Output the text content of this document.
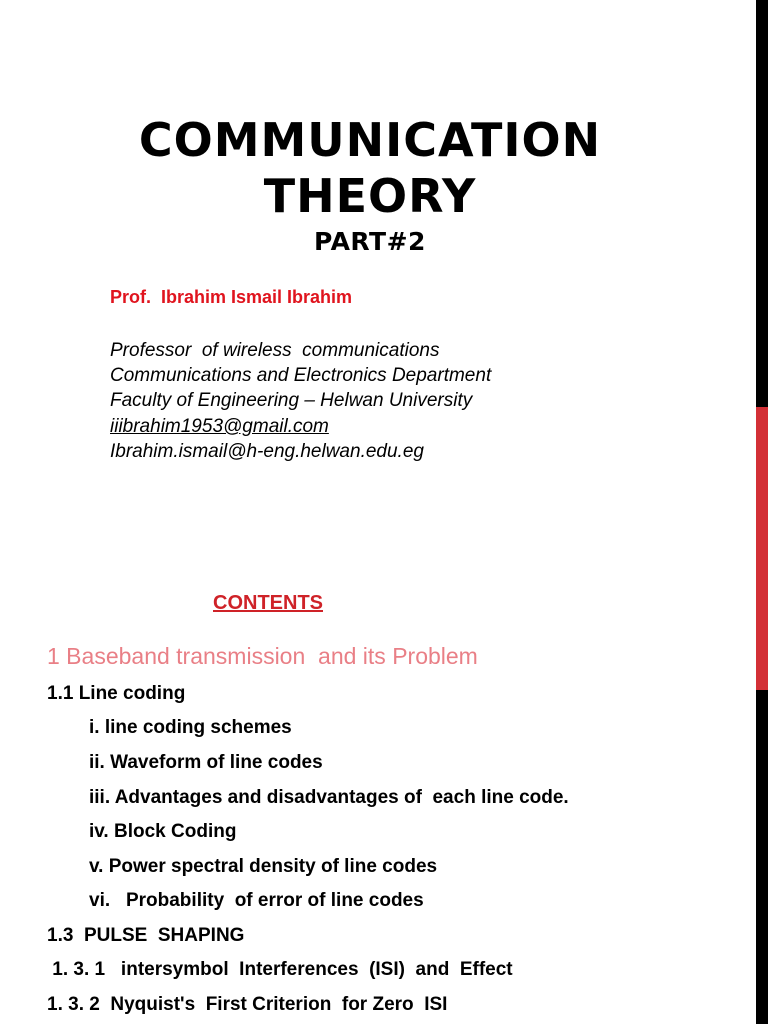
COMMUNICATION
THEORY
PART#2
Prof.  Ibrahim Ismail Ibrahim
Professor  of wireless  communications
Communications and Electronics Department
Faculty of Engineering – Helwan University
iiibrahim1953@gmail.com
Ibrahim.ismail@h-eng.helwan.edu.eg
CONTENTS
1 Baseband transmission  and its Problem
1.1 Line coding
i. line coding schemes
ii. Waveform of line codes
iii. Advantages and disadvantages of  each line code.
iv. Block Coding
v. Power spectral density of line codes
vi.   Probability  of error of line codes
1.3  PULSE  SHAPING
1. 3. 1   intersymbol  Interferences  (ISI)  and  Effect
1. 3. 2  Nyquist's  First Criterion  for Zero  ISI
